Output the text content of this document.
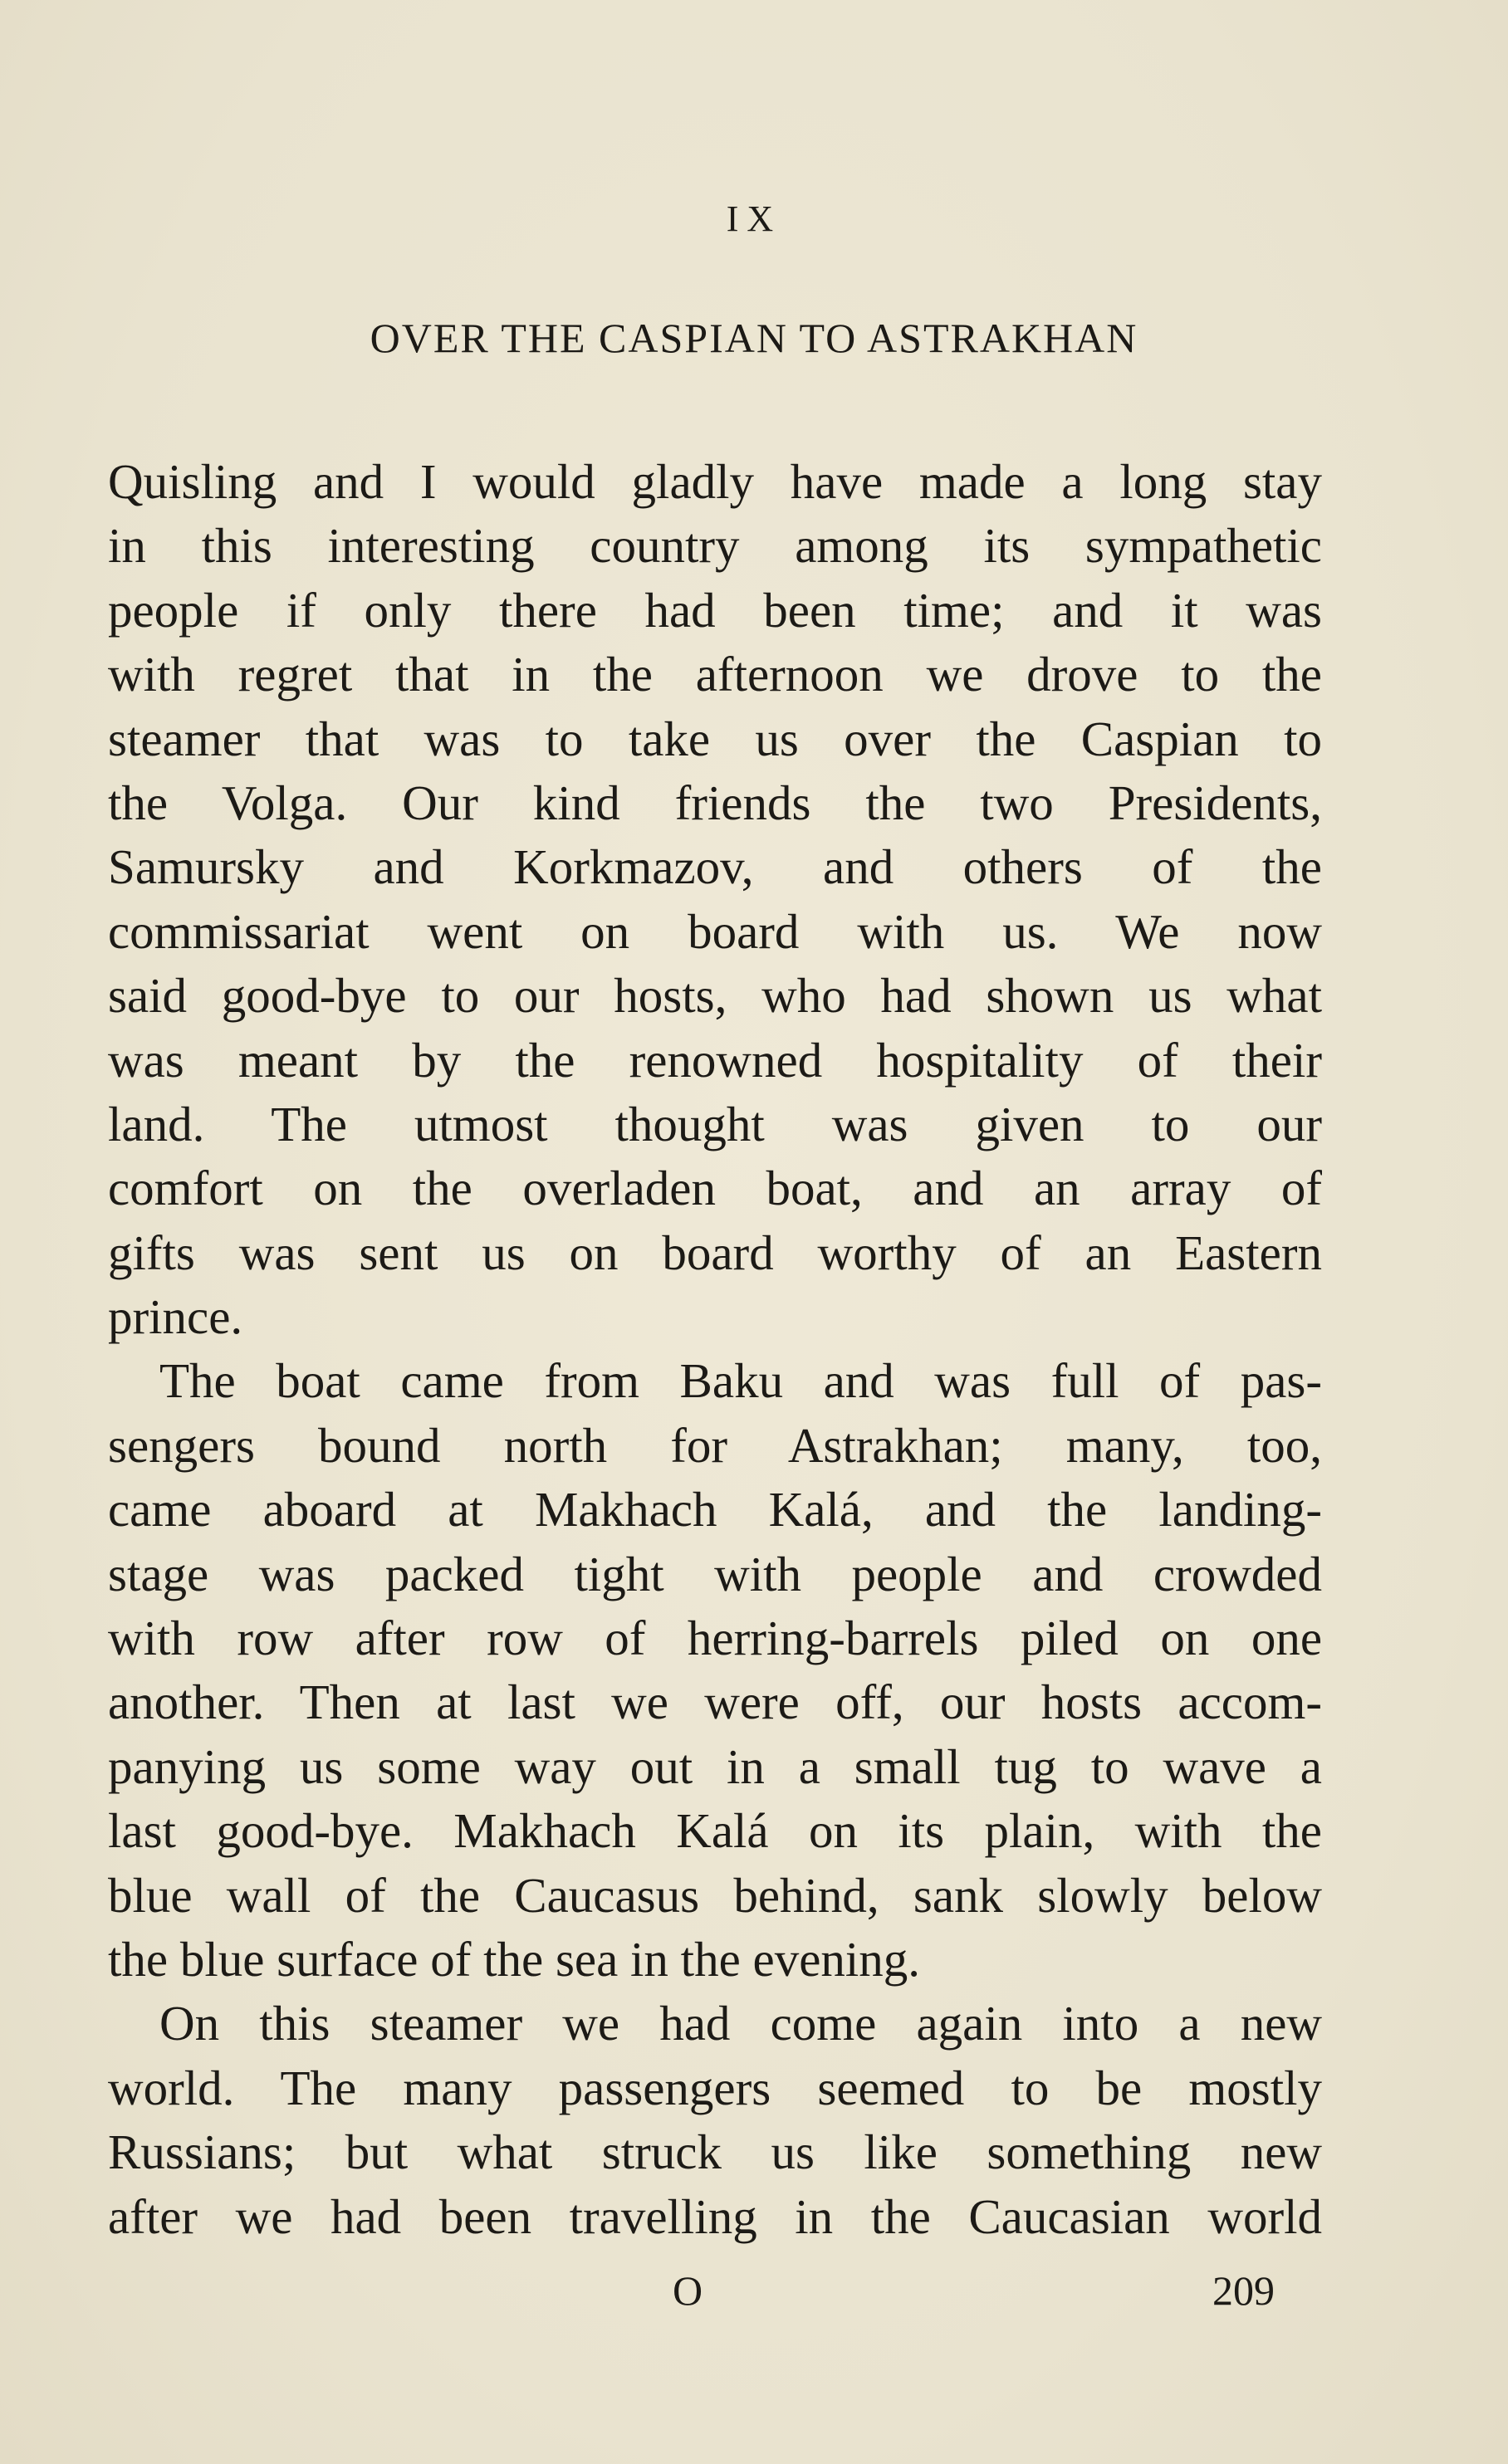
IX
OVER THE CASPIAN TO ASTRAKHAN
Quisling and I would gladly have made a long stay
in this interesting country among its sympathetic
people if only there had been time; and it was
with regret that in the afternoon we drove to the
steamer that was to take us over the Caspian to
the Volga. Our kind friends the two Presidents,
Samursky and Korkmazov, and others of the
commissariat went on board with us. We now
said good-bye to our hosts, who had shown us what
was meant by the renowned hospitality of their
land. The utmost thought was given to our
comfort on the overladen boat, and an array of
gifts was sent us on board worthy of an Eastern
prince.
The boat came from Baku and was full of pas-
sengers bound north for Astrakhan; many, too,
came aboard at Makhach Kalá, and the landing-
stage was packed tight with people and crowded
with row after row of herring-barrels piled on one
another. Then at last we were off, our hosts accom-
panying us some way out in a small tug to wave a
last good-bye. Makhach Kalá on its plain, with the
blue wall of the Caucasus behind, sank slowly below
the blue surface of the sea in the evening.
On this steamer we had come again into a new
world. The many passengers seemed to be mostly
Russians; but what struck us like something new
after we had been travelling in the Caucasian world
O	209
